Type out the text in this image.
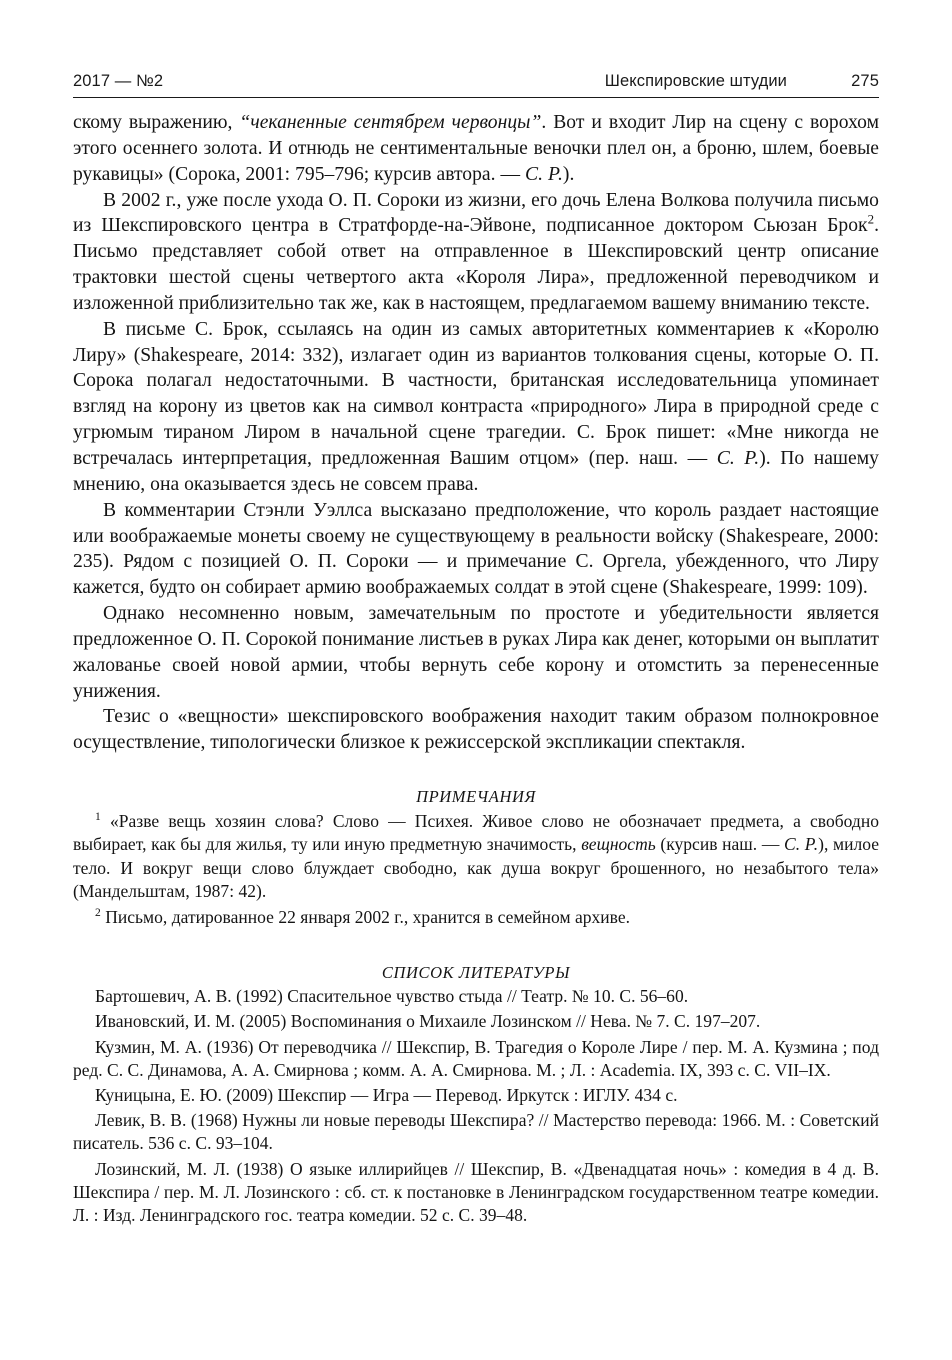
2017 — №2	Шекспировские штудии	275

скому выражению, “чеканенные сентябрем червонцы”. Вот и входит Лир на сцену с ворохом этого осеннего золота. И отнюдь не сентиментальные веночки плел он, а броню, шлем, боевые рукавицы» (Сорока, 2001: 795–796; курсив автора. — С. Р.).

В 2002 г., уже после ухода О. П. Сороки из жизни, его дочь Елена Волкова получила письмо из Шекспировского центра в Стратфорде-на-Эйвоне, подписанное доктором Сьюзан Брок$^2$. Письмо представляет собой ответ на отправленное в Шекспировский центр описание трактовки шестой сцены четвертого акта «Короля Лира», предложенной переводчиком и изложенной приблизительно так же, как в настоящем, предлагаемом вашему вниманию тексте.

В письме С. Брок, ссылаясь на один из самых авторитетных комментариев к «Королю Лиру» (Shakespeare, 2014: 332), излагает один из вариантов толкования сцены, которые О. П. Сорока полагал недостаточными. В частности, британская исследовательница упоминает взгляд на корону из цветов как на символ контраста «природного» Лира в природной среде с угрюмым тираном Лиром в начальной сцене трагедии. С. Брок пишет: «Мне никогда не встречалась интерпретация, предложенная Вашим отцом» (пер. наш. — С. Р.). По нашему мнению, она оказывается здесь не совсем права.

В комментарии Стэнли Уэллса высказано предположение, что король раздает настоящие или воображаемые монеты своему не существующему в реальности войску (Shakespeare, 2000: 235). Рядом с позицией О. П. Сороки — и примечание С. Оргела, убежденного, что Лиру кажется, будто он собирает армию воображаемых солдат в этой сцене (Shakespeare, 1999: 109).

Однако несомненно новым, замечательным по простоте и убедительности является предложенное О. П. Сорокой понимание листьев в руках Лира как денег, которыми он выплатит жалованье своей новой армии, чтобы вернуть себе корону и отомстить за перенесенные унижения.

Тезис о «вещности» шекспировского воображения находит таким образом полнокровное осуществление, типологически близкое к режиссерской экспликации спектакля.

ПРИМЕЧАНИЯ

$^1$ «Разве вещь хозяин слова? Слово — Психея. Живое слово не обозначает предмета, а свободно выбирает, как бы для жилья, ту или иную предметную значимость, вещность (курсив наш. — С. Р.), милое тело. И вокруг вещи слово блуждает свободно, как душа вокруг брошенного, но незабытого тела» (Мандельштам, 1987: 42).

$^2$ Письмо, датированное 22 января 2002 г., хранится в семейном архиве.

СПИСОК ЛИТЕРАТУРЫ

Бартошевич, А. В. (1992) Спасительное чувство стыда // Театр. № 10. С. 56–60.

Ивановский, И. М. (2005) Воспоминания о Михаиле Лозинском // Нева. № 7. С. 197–207.

Кузмин, М. А. (1936) От переводчика // Шекспир, В. Трагедия о Короле Лире / пер. М. А. Кузмина ; под ред. С. С. Динамова, А. А. Смирнова ; комм. А. А. Смирнова. М. ; Л. : Academia. IX, 393 с. С. VII–IX.

Куницына, Е. Ю. (2009) Шекспир — Игра — Перевод. Иркутск : ИГЛУ. 434 с.

Левик, В. В. (1968) Нужны ли новые переводы Шекспира? // Мастерство перевода: 1966. М. : Советский писатель. 536 с. С. 93–104.

Лозинский, М. Л. (1938) О языке иллирийцев // Шекспир, В. «Двенадцатая ночь» : комедия в 4 д. В. Шекспира / пер. М. Л. Лозинского : сб. ст. к постановке в Ленинградском государственном театре комедии. Л. : Изд. Ленинградского гос. театра комедии. 52 с. С. 39–48.
